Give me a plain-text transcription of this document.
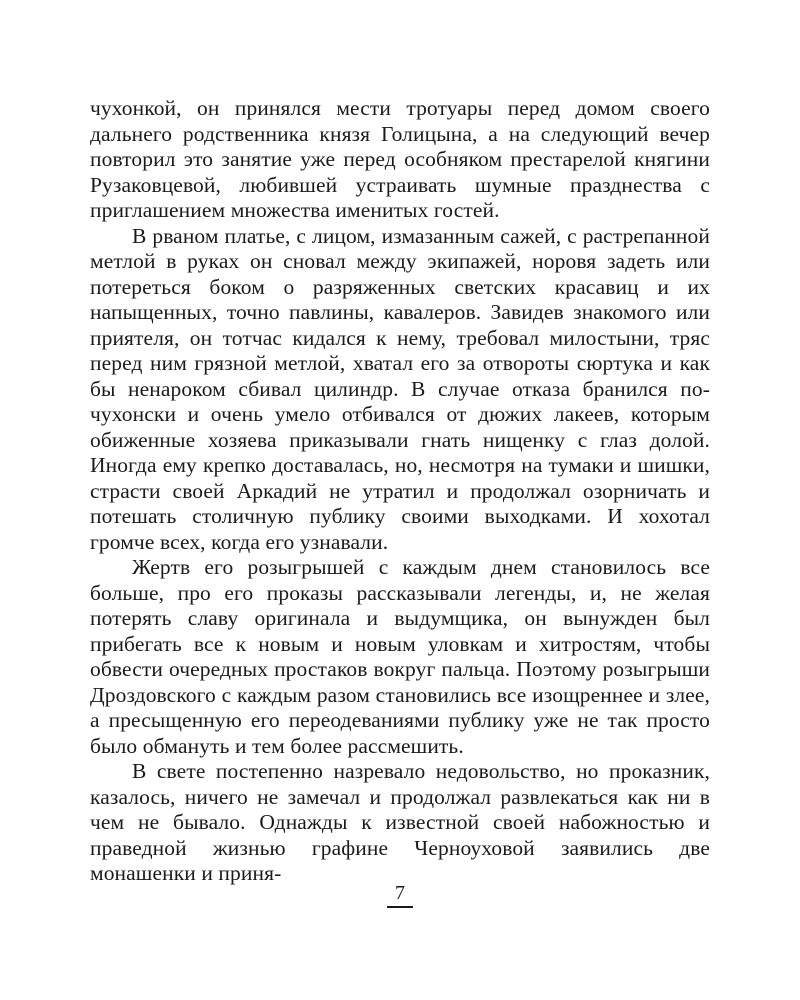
чухонкой, он принялся мести тротуары перед домом своего дальнего родственника князя Голицына, а на следующий вечер повторил это занятие уже перед особняком престарелой княгини Рузаковцевой, любившей устраивать шумные празднества с приглашением множества именитых гостей.

В рваном платье, с лицом, измазанным сажей, с растрепанной метлой в руках он сновал между экипажей, норовя задеть или потереться боком о разряженных светских красавиц и их напыщенных, точно павлины, кавалеров. Завидев знакомого или приятеля, он тотчас кидался к нему, требовал милостыни, тряс перед ним грязной метлой, хватал его за отвороты сюртука и как бы ненароком сбивал цилиндр. В случае отказа бранился по-чухонски и очень умело отбивался от дюжих лакеев, которым обиженные хозяева приказывали гнать нищенку с глаз долой. Иногда ему крепко доставалась, но, несмотря на тумаки и шишки, страсти своей Аркадий не утратил и продолжал озорничать и потешать столичную публику своими выходками. И хохотал громче всех, когда его узнавали.

Жертв его розыгрышей с каждым днем становилось все больше, про его проказы рассказывали легенды, и, не желая потерять славу оригинала и выдумщика, он вынужден был прибегать все к новым и новым уловкам и хитростям, чтобы обвести очередных простаков вокруг пальца. Поэтому розыгрыши Дроздовского с каждым разом становились все изощреннее и злее, а пресыщенную его переодеваниями публику уже не так просто было обмануть и тем более рассмешить.

В свете постепенно назревало недовольство, но проказник, казалось, ничего не замечал и продолжал развлекаться как ни в чем не бывало. Однажды к известной своей набожностью и праведной жизнью графине Черноуховой заявились две монашенки и приня-

7
